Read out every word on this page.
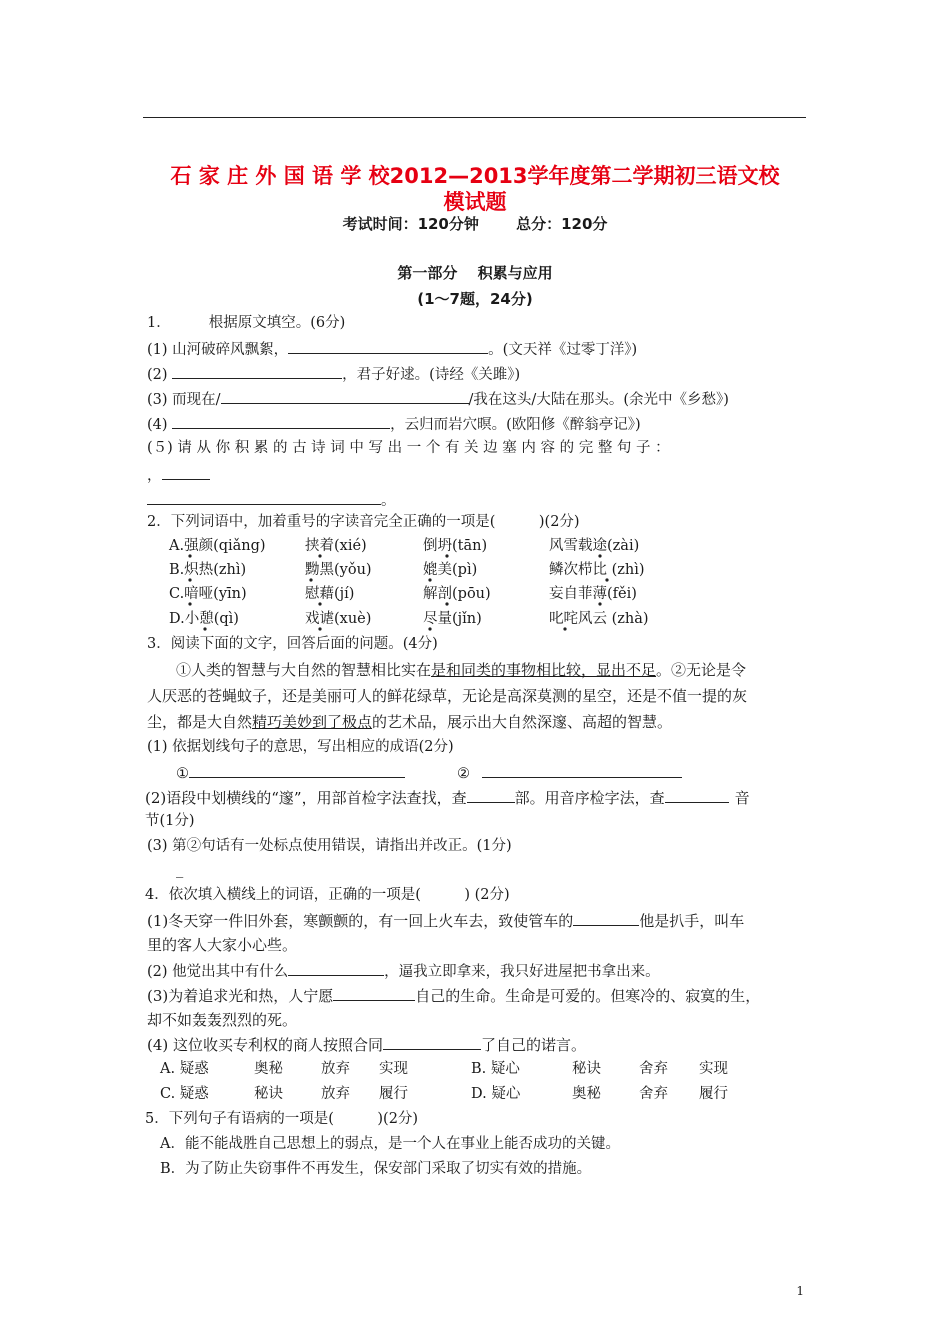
石 家 庄 外 国 语 学 校2012—2013学年度第二学期初三语文校
模试题
考试时间：120分钟 总分：120分
第一部分　 积累与应用
(1～7题，24分)
1．	根据原文填空。(6分)
(1) 山河破碎风飘絮，	。(文天祥《过零丁洋》)
(2)	，君子好逑。(诗经《关雎》)
(3) 而现在/	/我在这头/大陆在那头。(余光中《乡愁》)
(4)	，云归而岩穴暝。(欧阳修《醉翁亭记》)
(５) 请 从 你 积 累 的 古 诗 词 中 写 出 一 个 有 关 边 塞 内 容 的 完 整 句 子 ：
，
。
2．下列词语中，加着重号的字读音完全正确的一项是(　　　)(2分)
A.强颜(qiǎng)	挟着(xié)	倒坍(tān)	风雪载途(zài)
B.炽热(zhì)	黝黑(yǒu)	媲美(pì)	鳞次栉比 (zhì)
C.喑哑(yīn)	慰藉(jí)	解剖(pōu)	妄自菲薄(fěi)
D.小憩(qì)	戏谑(xuè)	尽量(jǐn)	叱咤风云 (zhà)
3．阅读下面的文字，回答后面的问题。(4分)
①人类的智慧与大自然的智慧相比实在是和同类的事物相比较，显出不足。②无论是令
人厌恶的苍蝇蚊子，还是美丽可人的鲜花绿草，无论是高深莫测的星空，还是不值一提的灰
尘，都是大自然精巧美妙到了极点的艺术品，展示出大自然深邃、高超的智慧。
(1) 依据划线句子的意思，写出相应的成语(2分)
①	②
(2)语段中划横线的“邃”，用部首检字法查找，查	部。用音序检字法，查	音
节(1分)
(3) 第②句话有一处标点使用错误，请指出并改正。(1分)
_
4．依次填入横线上的词语，正确的一项是(　　　) (2分)
(1)冬天穿一件旧外套，寒颤颤的，有一回上火车去，致使管车的	他是扒手，叫车
里的客人大家小心些。
(2) 他觉出其中有什么	，逼我立即拿来，我只好进屋把书拿出来。
(3)为着追求光和热，人宁愿	自己的生命。生命是可爱的。但寒冷的、寂寞的生，
却不如轰轰烈烈的死。
(4) 这位收买专利权的商人按照合同	了自己的诺言。
A. 疑惑	奥秘	放弃 实现	B. 疑心	秘诀	舍弃 实现
C. 疑惑	秘诀	放弃 履行	D. 疑心	奥秘	舍弃 履行
5．下列句子有语病的一项是(　　　)(2分)
A．能不能战胜自己思想上的弱点，是一个人在事业上能否成功的关键。
B．为了防止失窃事件不再发生，保安部门采取了切实有效的措施。
1
